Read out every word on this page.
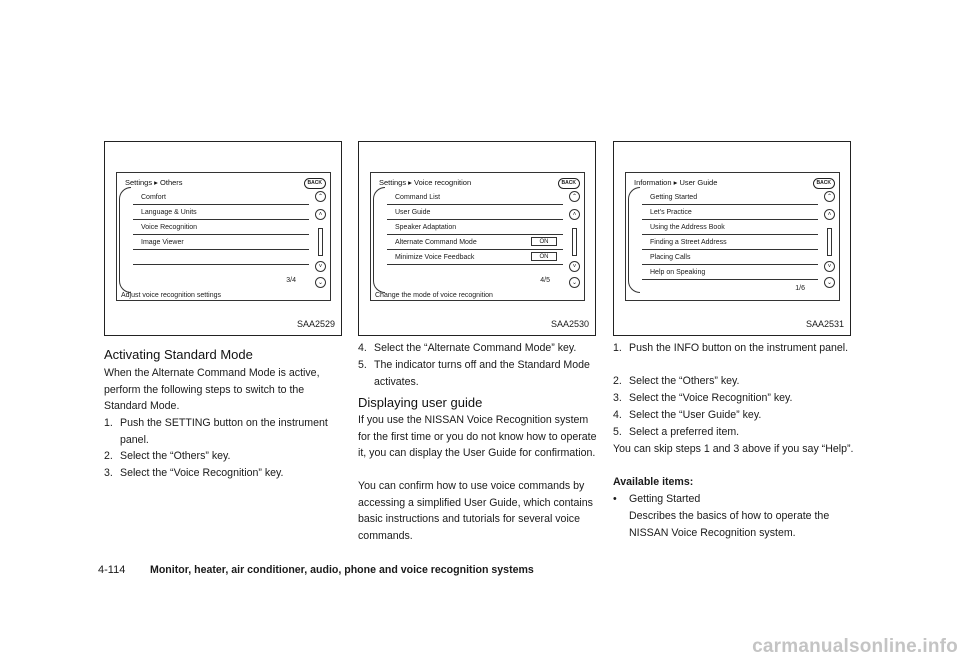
Settings ▸ Others	BACK
Comfort
Language & Units
Voice Recognition
Image Viewer
⌃
˄
˅
⌄
3/4
Adjust voice recognition settings
SAA2529
Settings ▸ Voice recognition	BACK
Command List
User Guide
Speaker Adaptation
Alternate Command Mode	ON
Minimize Voice Feedback	ON
⌃
˄
˅
⌄
4/5
Change the mode of voice recognition
SAA2530
Information ▸ User Guide	BACK
Getting Started
Let's Practice
Using the Address Book
Finding a Street Address
Placing Calls
Help on Speaking
⌃
˄
˅
⌄
1/6
SAA2531
Activating Standard Mode

When the Alternate Command Mode is active, perform the following steps to switch to the Standard Mode.

1. Push the SETTING button on the instrument panel.
2. Select the “Others” key.
3. Select the “Voice Recognition” key.
4. Select the “Alternate Command Mode” key.
5. The indicator turns off and the Standard Mode activates.
Displaying user guide

If you use the NISSAN Voice Recognition system for the first time or you do not know how to operate it, you can display the User Guide for confirmation.

You can confirm how to use voice commands by accessing a simplified User Guide, which contains basic instructions and tutorials for several voice commands.

1. Push the INFO button on the instrument panel.
2. Select the “Others” key.
3. Select the “Voice Recognition” key.
4. Select the “User Guide” key.
5. Select a preferred item.

You can skip steps 1 and 3 above if you say “Help”.

Available items:
•	Getting Started

Describes the basics of how to operate the NISSAN Voice Recognition system.

4-114 Monitor, heater, air conditioner, audio, phone and voice recognition systems
carmanualsonline.info
